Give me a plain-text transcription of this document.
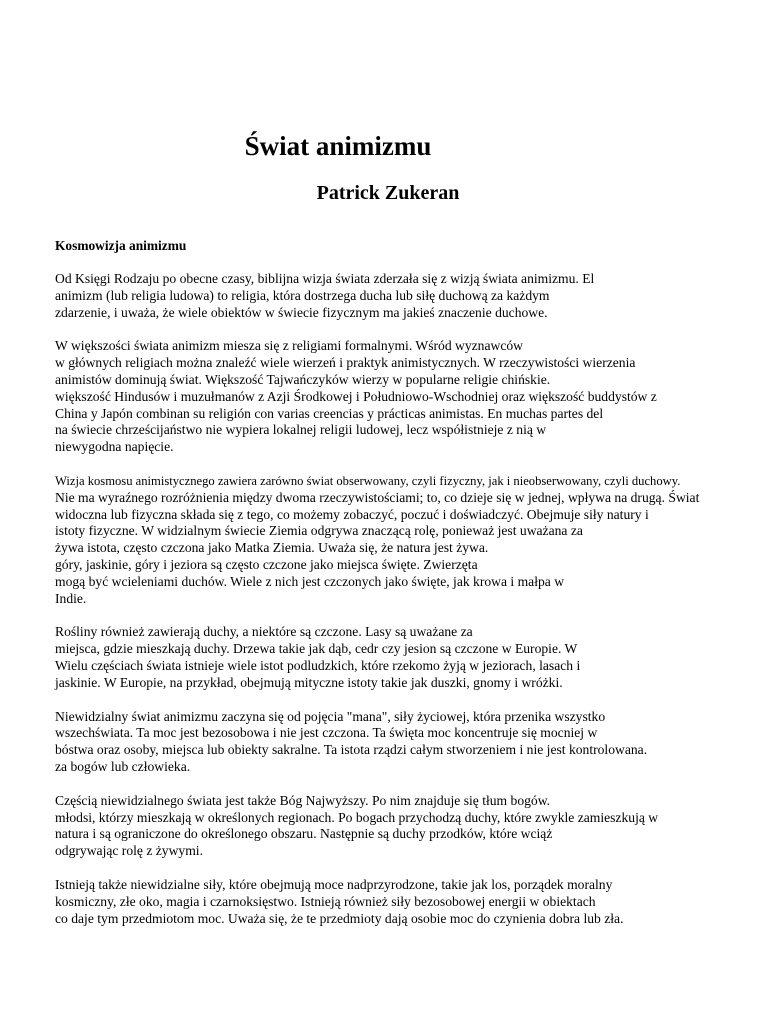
Świat animizmu
Patrick Zukeran
Kosmowizja animizmu
Od Księgi Rodzaju po obecne czasy, biblijna wizja świata zderzała się z wizją świata animizmu. El
animizm (lub religia ludowa) to religia, która dostrzega ducha lub siłę duchową za każdym
zdarzenie, i uważa, że wiele obiektów w świecie fizycznym ma jakieś znaczenie duchowe.
W większości świata animizm miesza się z religiami formalnymi. Wśród wyznawców
w głównych religiach można znaleźć wiele wierzeń i praktyk animistycznych. W rzeczywistości wierzenia
animistów dominują świat. Większość Tajwańczyków wierzy w popularne religie chińskie.
większość Hindusów i muzułmanów z Azji Środkowej i Południowo-Wschodniej oraz większość buddystów z
China y Japón combinan su religión con varias creencias y prácticas animistas. En muchas partes del
na świecie chrześcijaństwo nie wypiera lokalnej religii ludowej, lecz współistnieje z nią w
niewygodna napięcie.
Wizja kosmosu animistycznego zawiera zarówno świat obserwowany, czyli fizyczny, jak i nieobserwowany, czyli duchowy.
Nie ma wyraźnego rozróżnienia między dwoma rzeczywistościami; to, co dzieje się w jednej, wpływa na drugą. Świat
widoczna lub fizyczna składa się z tego, co możemy zobaczyć, poczuć i doświadczyć. Obejmuje siły natury i
istoty fizyczne. W widzialnym świecie Ziemia odgrywa znaczącą rolę, ponieważ jest uważana za
żywa istota, często czczona jako Matka Ziemia. Uważa się, że natura jest żywa.
góry, jaskinie, góry i jeziora są często czczone jako miejsca święte. Zwierzęta
mogą być wcieleniami duchów. Wiele z nich jest czczonych jako święte, jak krowa i małpa w
Indie.
Rośliny również zawierają duchy, a niektóre są czczone. Lasy są uważane za
miejsca, gdzie mieszkają duchy. Drzewa takie jak dąb, cedr czy jesion są czczone w Europie. W
Wielu częściach świata istnieje wiele istot podludzkich, które rzekomo żyją w jeziorach, lasach i
jaskinie. W Europie, na przykład, obejmują mityczne istoty takie jak duszki, gnomy i wróżki.
Niewidzialny świat animizmu zaczyna się od pojęcia "mana", siły życiowej, która przenika wszystko
wszechświata. Ta moc jest bezosobowa i nie jest czczona. Ta święta moc koncentruje się mocniej w
bóstwa oraz osoby, miejsca lub obiekty sakralne. Ta istota rządzi całym stworzeniem i nie jest kontrolowana.
za bogów lub człowieka.
Częścią niewidzialnego świata jest także Bóg Najwyższy. Po nim znajduje się tłum bogów.
młodsi, którzy mieszkają w określonych regionach. Po bogach przychodzą duchy, które zwykle zamieszkują w
natura i są ograniczone do określonego obszaru. Następnie są duchy przodków, które wciąż
odgrywając rolę z żywymi.
Istnieją także niewidzialne siły, które obejmują moce nadprzyrodzone, takie jak los, porządek moralny
kosmiczny, złe oko, magia i czarnoksięstwo. Istnieją również siły bezosobowej energii w obiektach
co daje tym przedmiotom moc. Uważa się, że te przedmioty dają osobie moc do czynienia dobra lub zła.
